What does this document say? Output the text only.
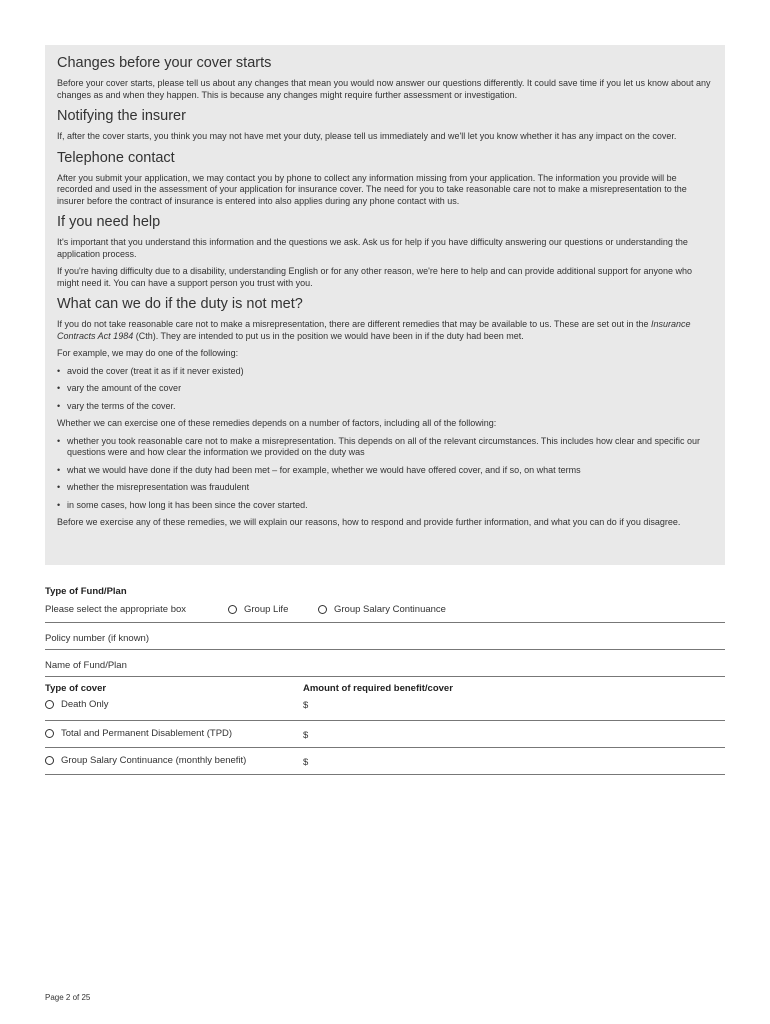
Changes before your cover starts

Before your cover starts, please tell us about any changes that mean you would now answer our questions differently. It could save time if you let us know about any changes as and when they happen. This is because any changes might require further assessment or investigation.

Notifying the insurer

If, after the cover starts, you think you may not have met your duty, please tell us immediately and we'll let you know whether it has any impact on the cover.

Telephone contact

After you submit your application, we may contact you by phone to collect any information missing from your application. The information you provide will be recorded and used in the assessment of your application for insurance cover. The need for you to take reasonable care not to make a misrepresentation to the insurer before the contract of insurance is entered into also applies during any phone contact with us.

If you need help

It's important that you understand this information and the questions we ask. Ask us for help if you have difficulty answering our questions or understanding the application process.

If you're having difficulty due to a disability, understanding English or for any other reason, we're here to help and can provide additional support for anyone who might need it. You can have a support person you trust with you.

What can we do if the duty is not met?

If you do not take reasonable care not to make a misrepresentation, there are different remedies that may be available to us. These are set out in the Insurance Contracts Act 1984 (Cth). They are intended to put us in the position we would have been in if the duty had been met.

For example, we may do one of the following:

• avoid the cover (treat it as if it never existed)
• vary the amount of the cover
• vary the terms of the cover.

Whether we can exercise one of these remedies depends on a number of factors, including all of the following:

• whether you took reasonable care not to make a misrepresentation. This depends on all of the relevant circumstances. This includes how clear and specific our questions were and how clear the information we provided on the duty was
• what we would have done if the duty had been met – for example, whether we would have offered cover, and if so, on what terms
• whether the misrepresentation was fraudulent
• in some cases, how long it has been since the cover started.

Before we exercise any of these remedies, we will explain our reasons, how to respond and provide further information, and what you can do if you disagree.

Type of Fund/Plan
Please select the appropriate box	Group Life	Group Salary Continuance
Policy number (if known)
Name of Fund/Plan
Type of cover	Amount of required benefit/cover
Death Only	$
Total and Permanent Disablement (TPD)	$
Group Salary Continuance (monthly benefit)	$
Page 2 of 25
